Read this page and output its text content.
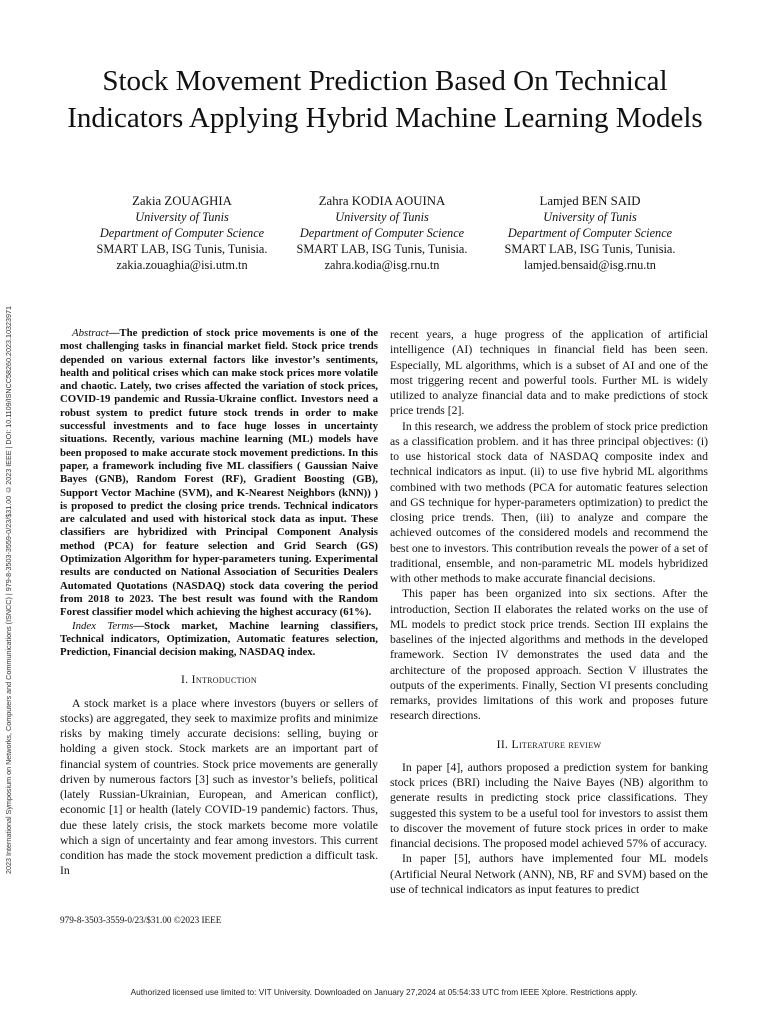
2023 International Symposium on Networks, Computers and Communications (ISNCC) | 979-8-3503-3559-0/23/$31.00 ©2023 IEEE | DOI: 10.1109/ISNCC58260.2023.10323971
Stock Movement Prediction Based On Technical Indicators Applying Hybrid Machine Learning Models
Zakia ZOUAGHIA
University of Tunis
Department of Computer Science
SMART LAB, ISG Tunis, Tunisia.
zakia.zouaghia@isi.utm.tn
Zahra KODIA AOUINA
University of Tunis
Department of Computer Science
SMART LAB, ISG Tunis, Tunisia.
zahra.kodia@isg.rnu.tn
Lamjed BEN SAID
University of Tunis
Department of Computer Science
SMART LAB, ISG Tunis, Tunisia.
lamjed.bensaid@isg.rnu.tn

Abstract—The prediction of stock price movements is one of the most challenging tasks in financial market field. Stock price trends depended on various external factors like investor’s sentiments, health and political crises which can make stock prices more volatile and chaotic. Lately, two crises affected the variation of stock prices, COVID-19 pandemic and Russia-Ukraine conflict. Investors need a robust system to predict future stock trends in order to make successful investments and to face huge losses in uncertainty situations. Recently, various machine learning (ML) models have been proposed to make accurate stock movement predictions. In this paper, a framework including five ML classifiers ( Gaussian Naive Bayes (GNB), Random Forest (RF), Gradient Boosting (GB), Support Vector Machine (SVM), and K-Nearest Neighbors (kNN)) ) is proposed to predict the closing price trends. Technical indicators are calculated and used with historical stock data as input. These classifiers are hybridized with Principal Component Analysis method (PCA) for feature selection and Grid Search (GS) Optimization Algorithm for hyper-parameters tuning. Experimental results are conducted on National Association of Securities Dealers Automated Quotations (NASDAQ) stock data covering the period from 2018 to 2023. The best result was found with the Random Forest classifier model which achieving the highest accuracy (61%).

Index Terms—Stock market, Machine learning classifiers, Technical indicators, Optimization, Automatic features selection, Prediction, Financial decision making, NASDAQ index.

I. Introduction

A stock market is a place where investors (buyers or sellers of stocks) are aggregated, they seek to maximize profits and minimize risks by making timely accurate decisions: selling, buying or holding a given stock. Stock markets are an important part of financial system of countries. Stock price movements are generally driven by numerous factors [3] such as investor’s beliefs, political (lately Russian-Ukrainian, European, and American conflict), economic [1] or health (lately COVID-19 pandemic) factors. Thus, due these lately crisis, the stock markets become more volatile which a sign of uncertainty and fear among investors. This current condition has made the stock movement prediction a difficult task. In

recent years, a huge progress of the application of artificial intelligence (AI) techniques in financial field has been seen. Especially, ML algorithms, which is a subset of AI and one of the most triggering recent and powerful tools. Further ML is widely utilized to analyze financial data and to make predictions of stock price trends [2].

In this research, we address the problem of stock price prediction as a classification problem. and it has three principal objectives: (i) to use historical stock data of NASDAQ composite index and technical indicators as input. (ii) to use five hybrid ML algorithms combined with two methods (PCA for automatic features selection and GS technique for hyper-parameters optimization) to predict the closing price trends. Then, (iii) to analyze and compare the achieved outcomes of the considered models and recommend the best one to investors. This contribution reveals the power of a set of traditional, ensemble, and non-parametric ML models hybridized with other methods to make accurate financial decisions.

This paper has been organized into six sections. After the introduction, Section II elaborates the related works on the use of ML models to predict stock price trends. Section III explains the baselines of the injected algorithms and methods in the developed framework. Section IV demonstrates the used data and the architecture of the proposed approach. Section V illustrates the outputs of the experiments. Finally, Section VI presents concluding remarks, provides limitations of this work and proposes future research directions.

II. Literature review

In paper [4], authors proposed a prediction system for banking stock prices (BRI) including the Naive Bayes (NB) algorithm to generate results in predicting stock price classifications. They suggested this system to be a useful tool for investors to assist them to discover the movement of future stock prices in order to make financial decisions. The proposed model achieved 57% of accuracy.

In paper [5], authors have implemented four ML models (Artificial Neural Network (ANN), NB, RF and SVM) based on the use of technical indicators as input features to predict

979-8-3503-3559-0/23/$31.00 ©2023 IEEE
Authorized licensed use limited to: VIT University. Downloaded on January 27,2024 at 05:54:33 UTC from IEEE Xplore. Restrictions apply.
